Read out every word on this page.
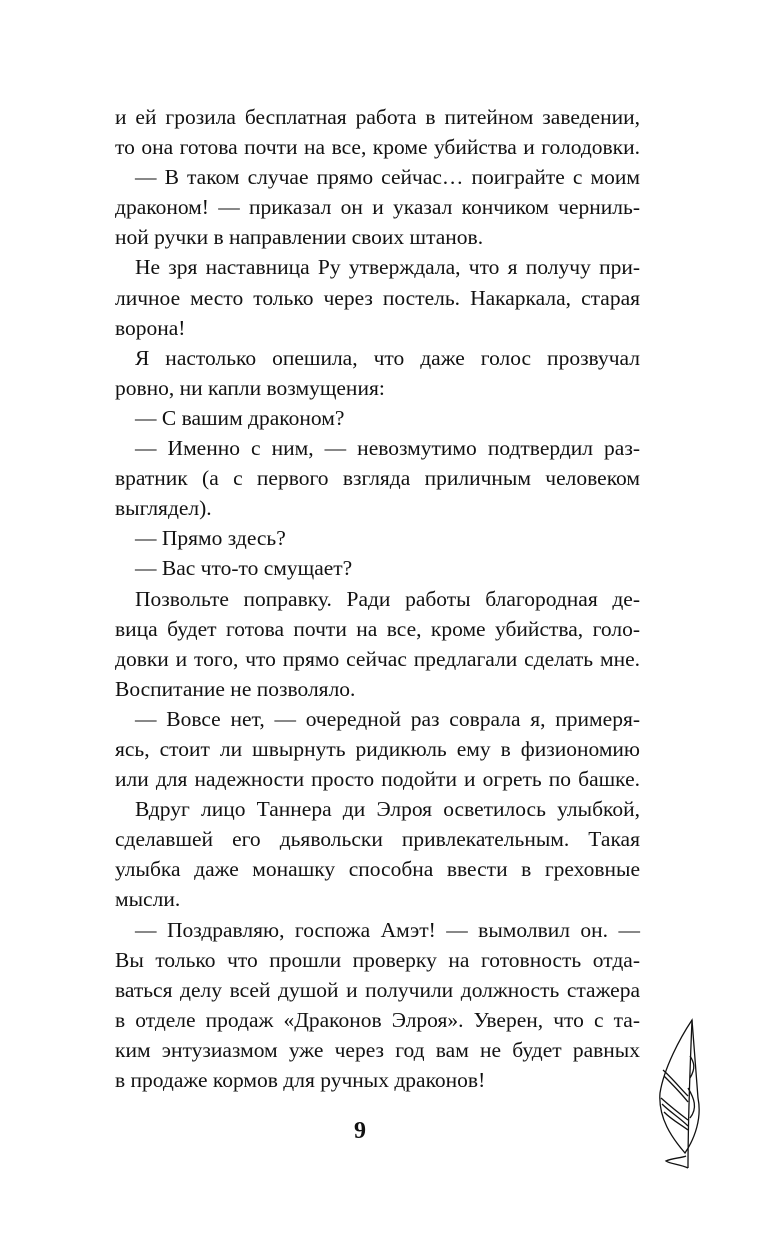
и ей грозила бесплатная работа в питейном заведении,
то она готова почти на все, кроме убийства и голодовки.
— В таком случае прямо сейчас… поиграйте с моим
драконом! — приказал он и указал кончиком черниль-
ной ручки в направлении своих штанов.
Не зря наставница Ру утверждала, что я получу при-
личное место только через постель. Накаркала, старая
ворона!
Я настолько опешила, что даже голос прозвучал
ровно, ни капли возмущения:
— С вашим драконом?
— Именно с ним, — невозмутимо подтвердил раз-
вратник (а с первого взгляда приличным человеком
выглядел).
— Прямо здесь?
— Вас что-то смущает?
Позвольте поправку. Ради работы благородная де-
вица будет готова почти на все, кроме убийства, голо-
довки и того, что прямо сейчас предлагали сделать мне.
Воспитание не позволяло.
— Вовсе нет, — очередной раз соврала я, примеря-
ясь, стоит ли швырнуть ридикюль ему в физиономию
или для надежности просто подойти и огреть по башке.
Вдруг лицо Таннера ди Элроя осветилось улыбкой,
сделавшей его дьявольски привлекательным. Такая
улыбка даже монашку способна ввести в греховные
мысли.
— Поздравляю, госпожа Амэт! — вымолвил он. —
Вы только что прошли проверку на готовность отда-
ваться делу всей душой и получили должность стажера
в отделе продаж «Драконов Элроя». Уверен, что с та-
ким энтузиазмом уже через год вам не будет равных
в продаже кормов для ручных драконов!
9
